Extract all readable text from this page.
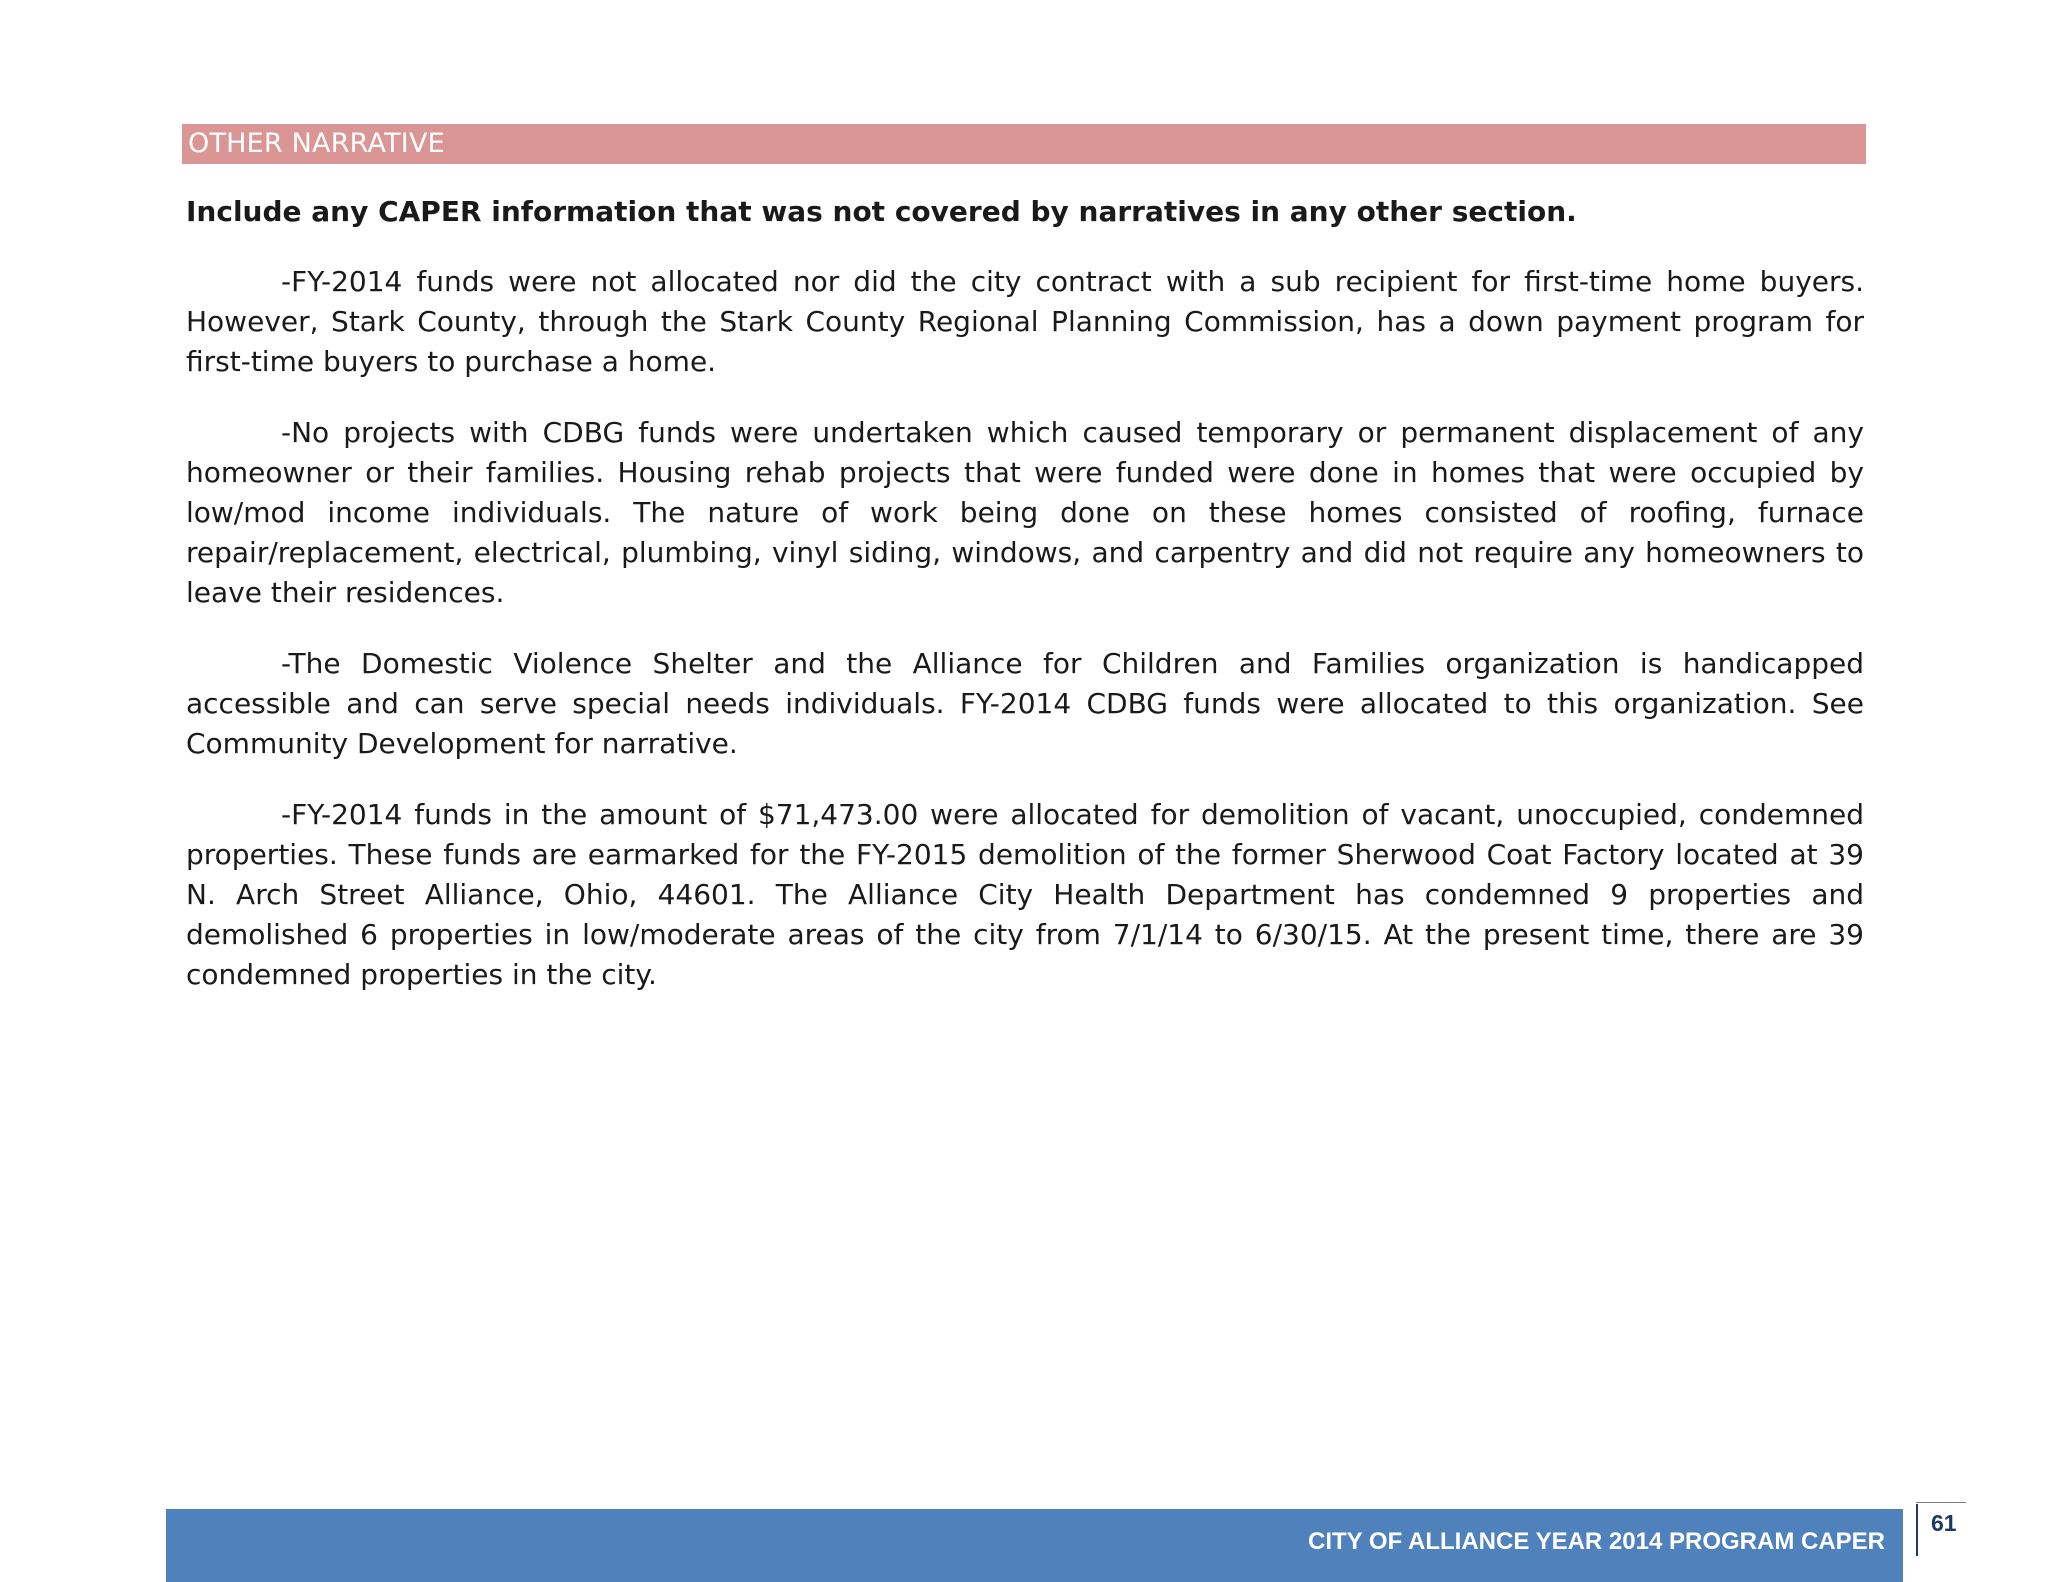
OTHER NARRATIVE

Include any CAPER information that was not covered by narratives in any other section.

-FY-2014 funds were not allocated nor did the city contract with a sub recipient for first-time home buyers. However, Stark County, through the Stark County Regional Planning Commission, has a down payment program for first-time buyers to purchase a home.

-No projects with CDBG funds were undertaken which caused temporary or permanent displacement of any homeowner or their families. Housing rehab projects that were funded were done in homes that were occupied by low/mod income individuals. The nature of work being done on these homes consisted of roofing, furnace repair/replacement, electrical, plumbing, vinyl siding, windows, and carpentry and did not require any homeowners to leave their residences.

-The Domestic Violence Shelter and the Alliance for Children and Families organization is handicapped accessible and can serve special needs individuals. FY-2014 CDBG funds were allocated to this organization. See Community Development for narrative.

-FY-2014 funds in the amount of $71,473.00 were allocated for demolition of vacant, unoccupied, condemned properties. These funds are earmarked for the FY-2015 demolition of the former Sherwood Coat Factory located at 39 N. Arch Street Alliance, Ohio, 44601. The Alliance City Health Department has condemned 9 properties and demolished 6 properties in low/moderate areas of the city from 7/1/14 to 6/30/15. At the present time, there are 39 condemned properties in the city.

CITY OF ALLIANCE YEAR 2014 PROGRAM CAPER
61
